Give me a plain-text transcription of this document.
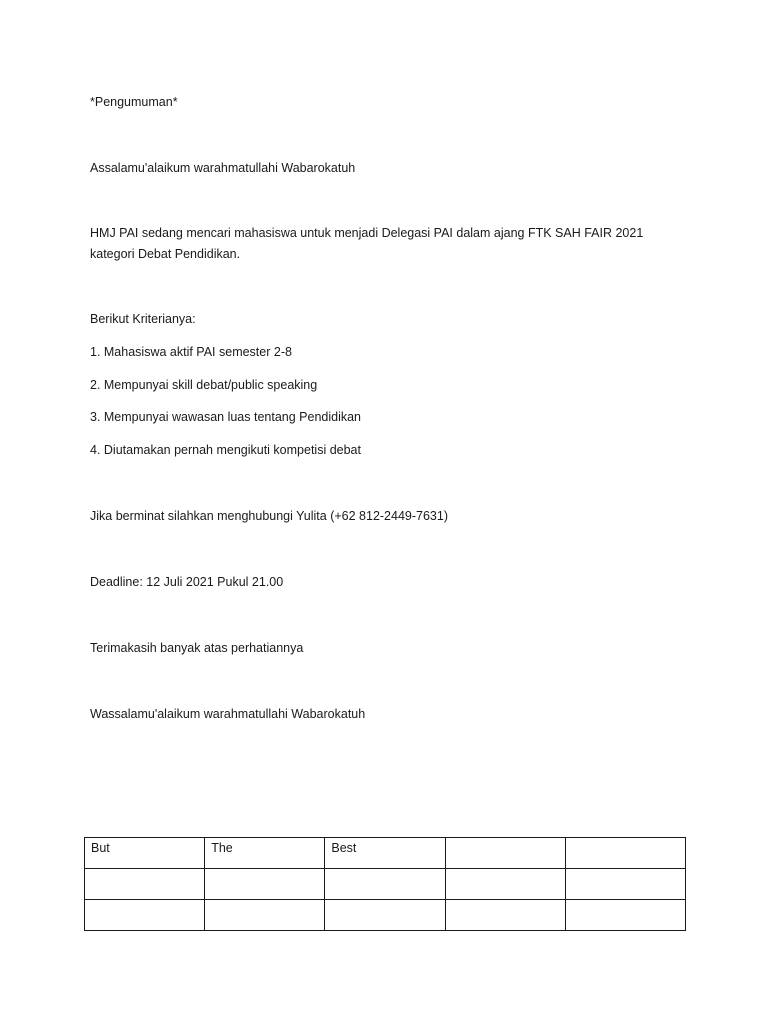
*Pengumuman*
Assalamu'alaikum warahmatullahi Wabarokatuh
HMJ PAI sedang mencari mahasiswa untuk menjadi Delegasi PAI dalam ajang FTK SAH FAIR 2021 kategori Debat Pendidikan.
Berikut Kriterianya:
1. Mahasiswa aktif PAI semester 2-8
2. Mempunyai skill debat/public speaking
3. Mempunyai wawasan luas tentang Pendidikan
4. Diutamakan pernah mengikuti kompetisi debat
Jika berminat silahkan menghubungi Yulita (+62 812-2449-7631)
Deadline: 12 Juli 2021 Pukul 21.00
Terimakasih banyak atas perhatiannya
Wassalamu'alaikum warahmatullahi Wabarokatuh
But	The	Best		
